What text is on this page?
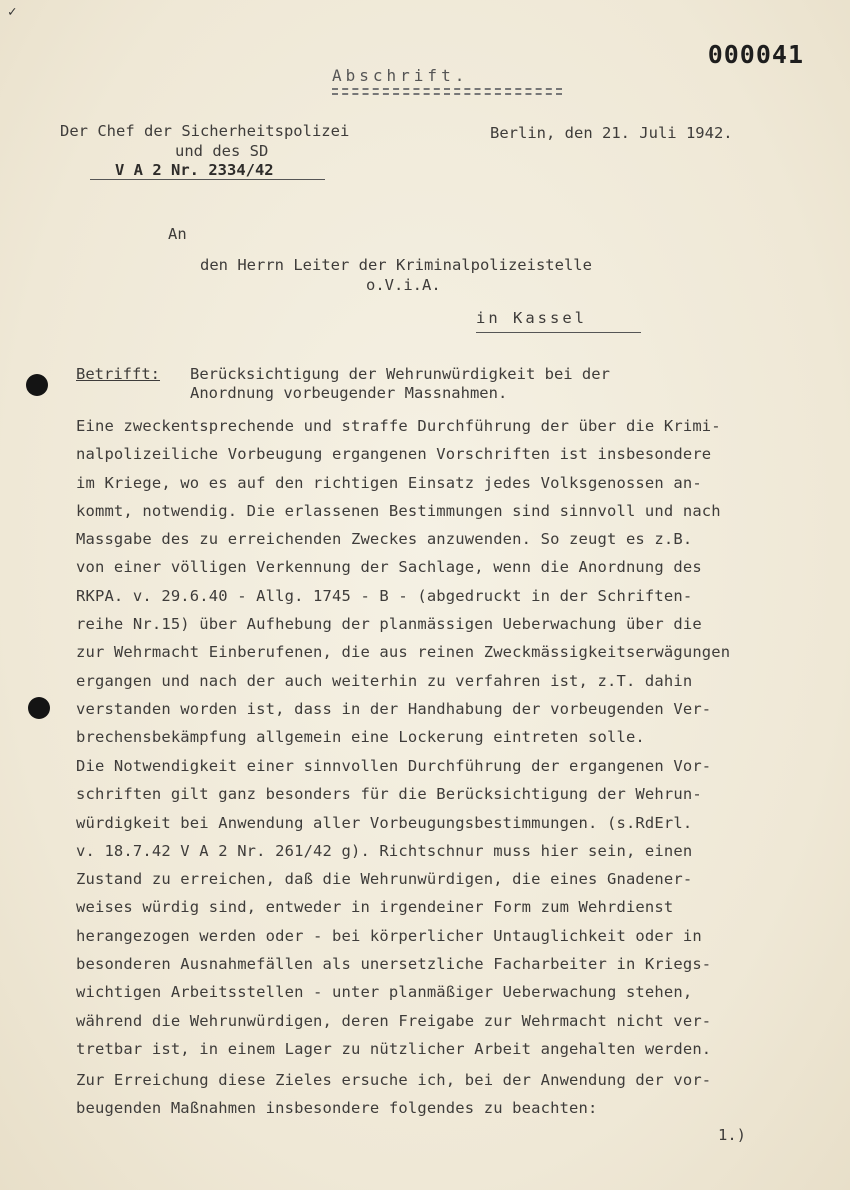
✓
000041
Abschrift.
Der Chef der Sicherheitspolizei
und des SD
V A 2 Nr. 2334/42
Berlin, den 21. Juli 1942.
An
den Herrn Leiter der Kriminalpolizeistelle
o.V.i.A.
in Kassel
Betrifft: Berücksichtigung der Wehrunwürdigkeit bei der
Anordnung vorbeugender Massnahmen.
Eine zweckentsprechende und straffe Durchführung der über die Krimi-
nalpolizeiliche Vorbeugung ergangenen Vorschriften ist insbesondere
im Kriege, wo es auf den richtigen Einsatz jedes Volksgenossen an-
kommt, notwendig. Die erlassenen Bestimmungen sind sinnvoll und nach
Massgabe des zu erreichenden Zweckes anzuwenden. So zeugt es z.B.
von einer völligen Verkennung der Sachlage, wenn die Anordnung des
RKPA. v. 29.6.40 - Allg. 1745 - B - (abgedruckt in der Schriften-
reihe Nr.15) über Aufhebung der planmässigen Ueberwachung über die
zur Wehrmacht Einberufenen, die aus reinen Zweckmässigkeitserwägungen
ergangen und nach der auch weiterhin zu verfahren ist, z.T. dahin
verstanden worden ist, dass in der Handhabung der vorbeugenden Ver-
brechensbekämpfung allgemein eine Lockerung eintreten solle.
Die Notwendigkeit einer sinnvollen Durchführung der ergangenen Vor-
schriften gilt ganz besonders für die Berücksichtigung der Wehrun-
würdigkeit bei Anwendung aller Vorbeugungsbestimmungen. (s.RdErl.
v. 18.7.42 V A 2 Nr. 261/42 g). Richtschnur muss hier sein, einen
Zustand zu erreichen, daß die Wehrunwürdigen, die eines Gnadener-
weises würdig sind, entweder in irgendeiner Form zum Wehrdienst
herangezogen werden oder - bei körperlicher Untauglichkeit oder in
besonderen Ausnahmefällen als unersetzliche Facharbeiter in Kriegs-
wichtigen Arbeitsstellen - unter planmäßiger Ueberwachung stehen,
während die Wehrunwürdigen, deren Freigabe zur Wehrmacht nicht ver-
tretbar ist, in einem Lager zu nützlicher Arbeit angehalten werden.
Zur Erreichung diese Zieles ersuche ich, bei der Anwendung der vor-
beugenden Maßnahmen insbesondere folgendes zu beachten:
1.)
